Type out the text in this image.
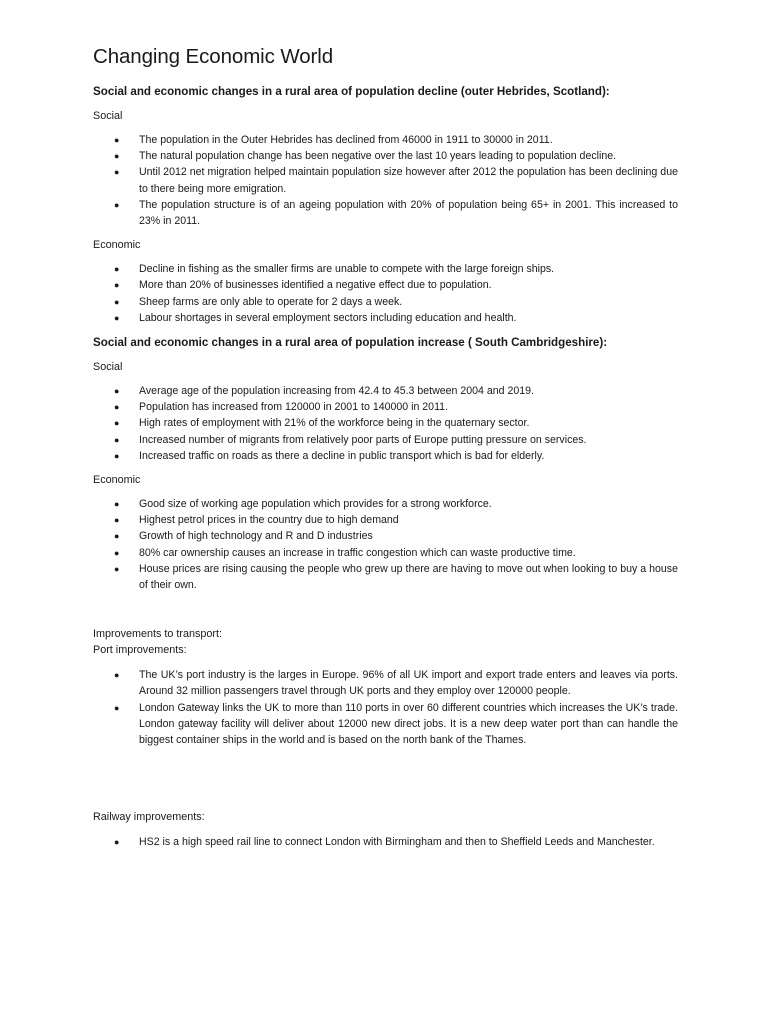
Changing Economic World
Social and economic changes in a rural area of population decline (outer Hebrides, Scotland):
Social
● The population in the Outer Hebrides has declined from 46000 in 1911 to 30000 in 2011.
● The natural population change has been negative over the last 10 years leading to population decline.
● Until 2012 net migration helped maintain population size however after 2012 the population has been declining due to there being more emigration.
● The population structure is of an ageing population with 20% of population being 65+ in 2001. This increased to 23% in 2011.
Economic
● Decline in fishing as the smaller firms are unable to compete with the large foreign ships.
● More than 20% of businesses identified a negative effect due to population.
● Sheep farms are only able to operate for 2 days a week.
● Labour shortages in several employment sectors including education and health.
Social and economic changes in a rural area of population increase ( South Cambridgeshire):
Social
● Average age of the population increasing from 42.4 to 45.3 between 2004 and 2019.
● Population has increased from 120000 in 2001 to 140000 in 2011.
● High rates of employment with 21% of the workforce being in the quaternary sector.
● Increased number of migrants from relatively poor parts of Europe putting pressure on services.
● Increased traffic on roads as there a decline in public transport which is bad for elderly.
Economic
● Good size of working age population which provides for a strong workforce.
● Highest petrol prices in the country due to high demand
● Growth of high technology and R and D industries
● 80% car ownership causes an increase in traffic congestion which can waste productive time.
● House prices are rising causing the people who grew up there are having to move out when looking to buy a house of their own.

Improvements to transport:

Port improvements:

● The UK’s port industry is the larges in Europe. 96% of all UK import and export trade enters and leaves via ports. Around 32 million passengers travel through UK ports and they employ over 120000 people.
● London Gateway links the UK to more than 110 ports in over 60 different countries which increases the UK’s trade. London gateway facility will deliver about 12000 new direct jobs. It is a new deep water port than can handle the biggest container ships in the world and is based on the north bank of the Thames.

Railway improvements:

● HS2 is a high speed rail line to connect London with Birmingham and then to Sheffield Leeds and Manchester.
